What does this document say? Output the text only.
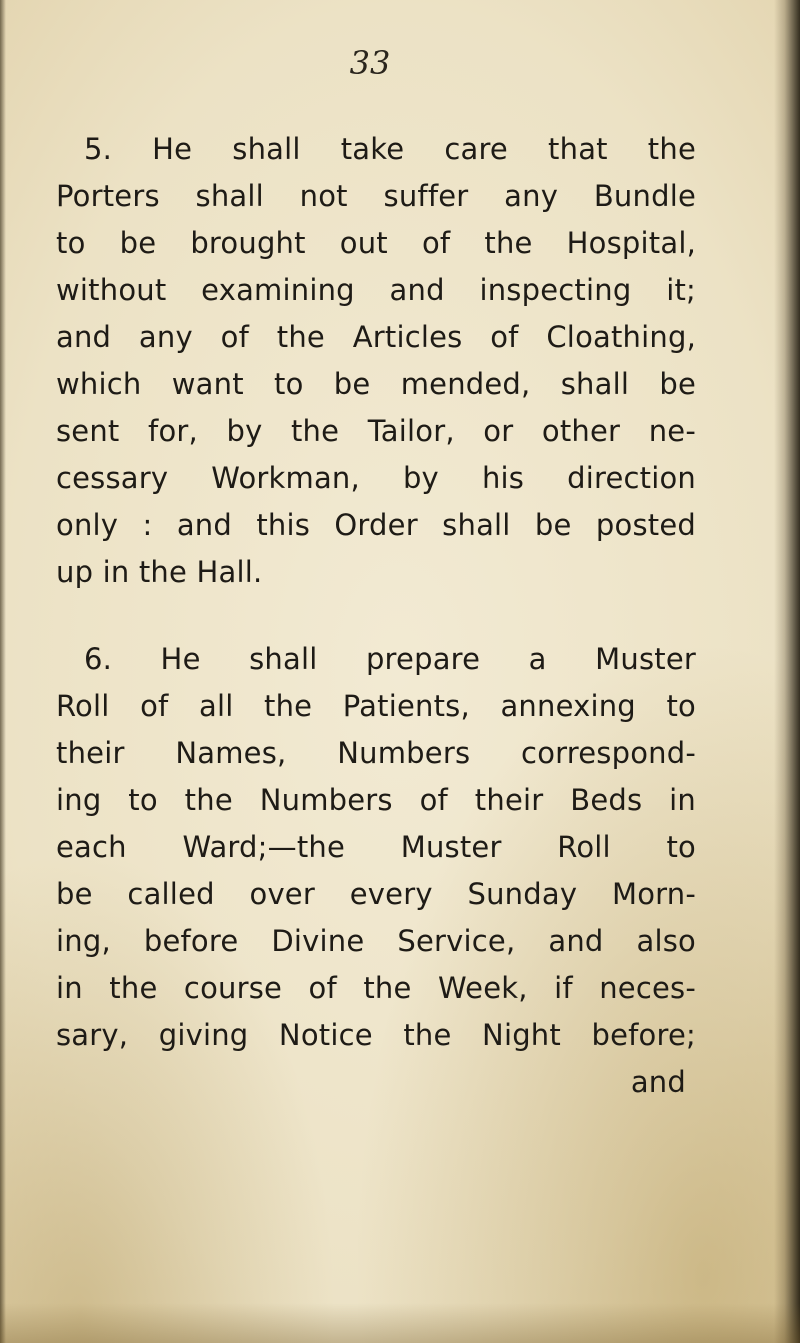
33
5. He shall take care that the
Porters shall not suffer any Bundle
to be brought out of the Hospital,
without examining and inspecting it;
and any of the Articles of Cloathing,
which want to be mended, shall be
sent for, by the Tailor, or other ne-
cessary Workman, by his direction
only : and this Order shall be posted
up in the Hall.
6. He shall prepare a Muster
Roll of all the Patients, annexing to
their Names, Numbers correspond-
ing to the Numbers of their Beds in
each Ward;—the Muster Roll to
be called over every Sunday Morn-
ing, before Divine Service, and also
in the course of the Week, if neces-
sary, giving Notice the Night before;
and
